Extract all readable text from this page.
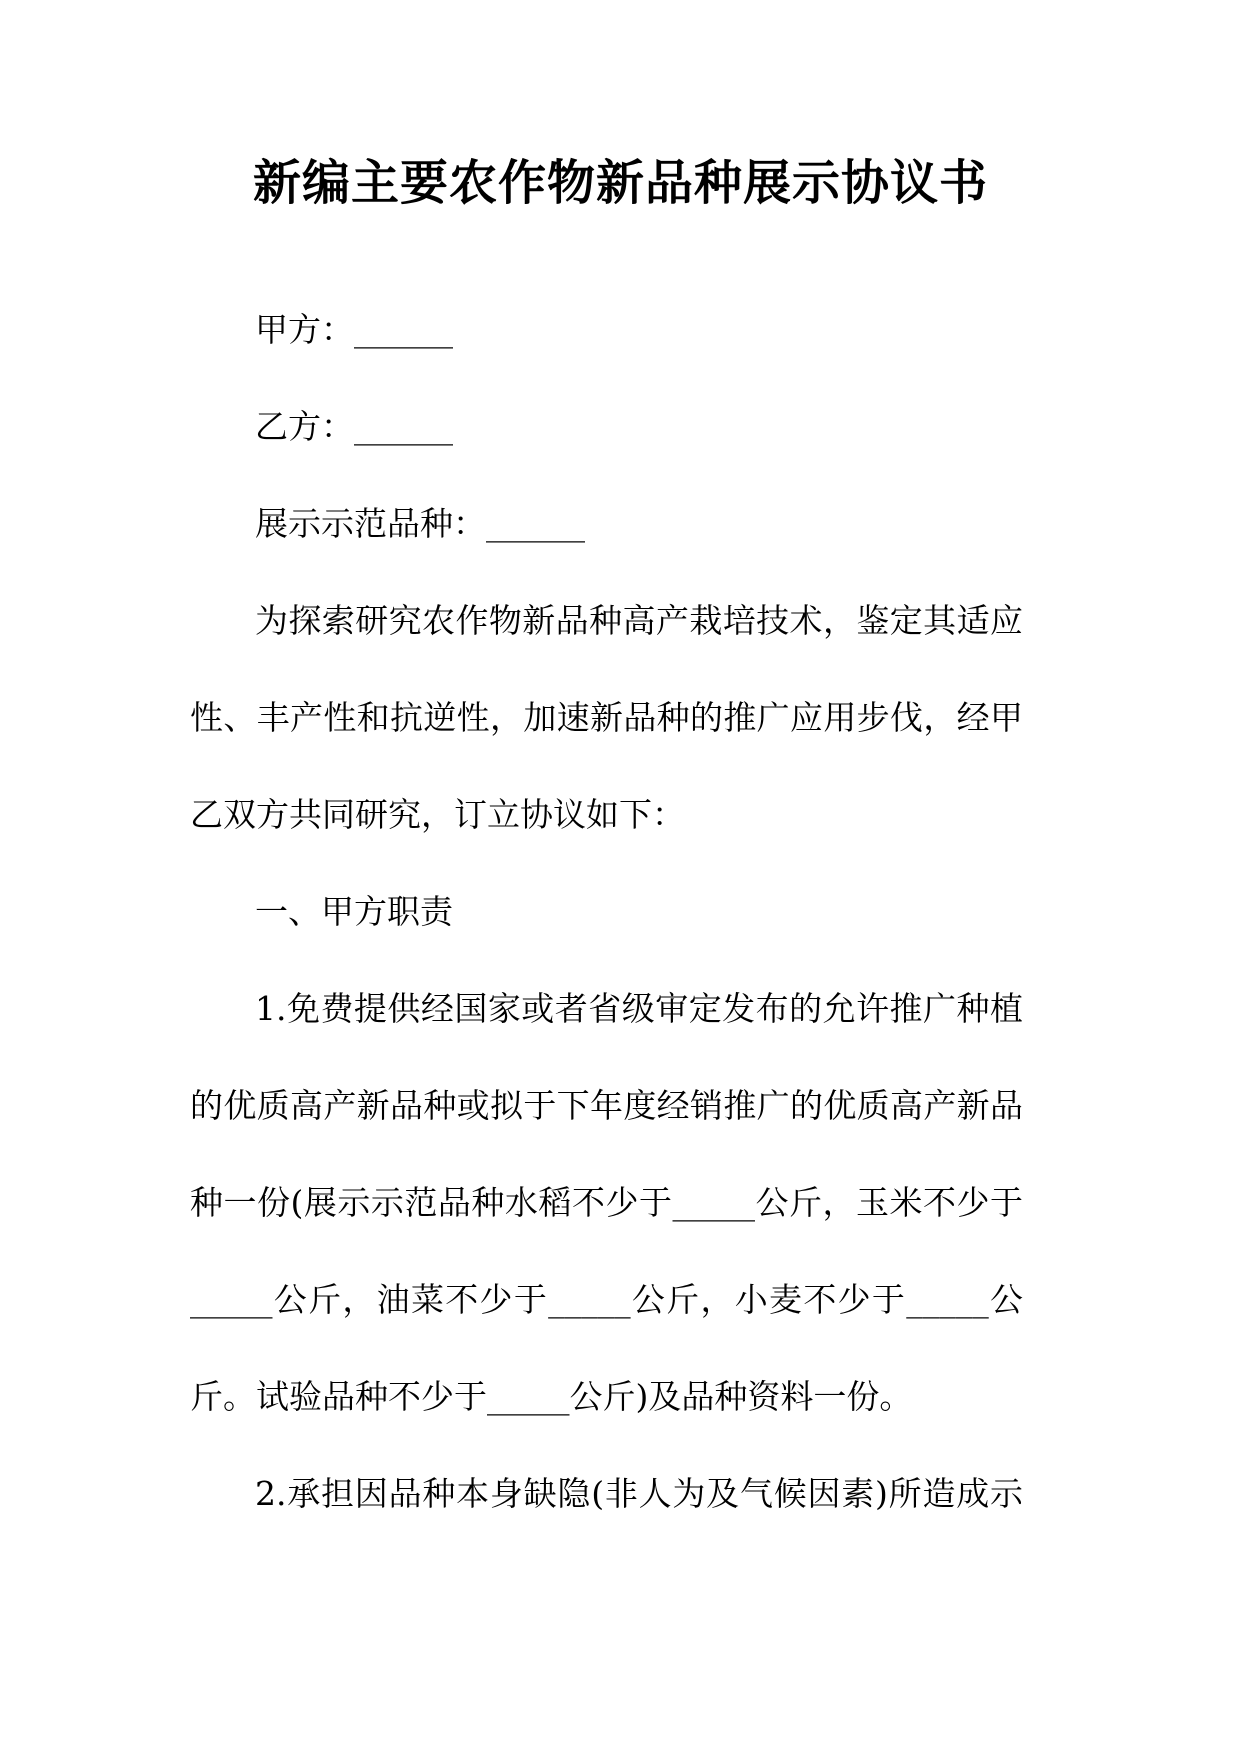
新编主要农作物新品种展示协议书
甲方：______
乙方：______
展示示范品种：______
为探索研究农作物新品种高产栽培技术，鉴定其适应
性、丰产性和抗逆性，加速新品种的推广应用步伐，经甲
乙双方共同研究，订立协议如下：
一、甲方职责
1.免费提供经国家或者省级审定发布的允许推广种植
的优质高产新品种或拟于下年度经销推广的优质高产新品
种一份(展示示范品种水稻不少于_____公斤，玉米不少于
_____公斤，油菜不少于_____公斤，小麦不少于_____公
斤。试验品种不少于_____公斤)及品种资料一份。
2.承担因品种本身缺隐(非人为及气候因素)所造成示
